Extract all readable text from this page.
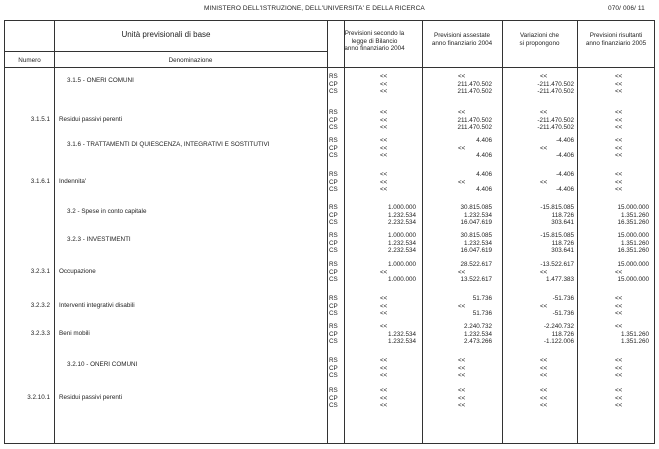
MINISTERO DELL'ISTRUZIONE, DELL'UNIVERSITA' E DELLA RICERCA	070/ 006/ 11
Unità previsionali di base
Numero	Denominazione
Previsioni secondo la
legge di Bilancio
anno finanziario 2004
Previsioni assestate
anno finanziario 2004
Variazioni che
si propongono
Previsioni risultanti
anno finanziario 2005
3.1.5 - ONERI COMUNI
RS
CP
CS
<<
<<
<<
<<
211.470.502
211.470.502
<<
-211.470.502
-211.470.502
<<
<<
<<
3.1.5.1 Residui passivi perenti
RS
CP
CS
<<
<<
<<
<<
211.470.502
211.470.502
<<
-211.470.502
-211.470.502
<<
<<
<<
3.1.6 - TRATTAMENTI DI QUIESCENZA, INTEGRATIVI E SOSTITUTIVI
RS
CP
CS
<<
<<
<<
4.406
<<
4.406
-4.406
<<
-4.406
<<
<<
<<
3.1.6.1 Indennita'
RS
CP
CS
<<
<<
<<
4.406
<<
4.406
-4.406
<<
-4.406
<<
<<
<<
3.2 - Spese in conto capitale
RS
CP
CS
1.000.000
1.232.534
2.232.534
30.815.085
1.232.534
16.047.619
-15.815.085
118.726
303.641
15.000.000
1.351.260
16.351.260
3.2.3 - INVESTIMENTI
RS
CP
CS
1.000.000
1.232.534
2.232.534
30.815.085
1.232.534
16.047.619
-15.815.085
118.726
303.641
15.000.000
1.351.260
16.351.260
3.2.3.1 Occupazione
RS
CP
CS
1.000.000
<<
1.000.000
28.522.617
<<
13.522.617
-13.522.617
<<
1.477.383
15.000.000
<<
15.000.000
3.2.3.2 Interventi integrativi disabili
RS
CP
CS
<<
<<
<<
51.736
<<
51.736
-51.736
<<
-51.736
<<
<<
<<
3.2.3.3 Beni mobili
RS
CP
CS
<<
1.232.534
1.232.534
2.240.732
1.232.534
2.473.266
-2.240.732
118.726
-1.122.006
<<
1.351.260
1.351.260
3.2.10 - ONERI COMUNI
RS
CP
CS
<<
<<
<<
<<
<<
<<
<<
<<
<<
<<
<<
<<
3.2.10.1 Residui passivi perenti
RS
CP
CS
<<
<<
<<
<<
<<
<<
<<
<<
<<
<<
<<
<<
